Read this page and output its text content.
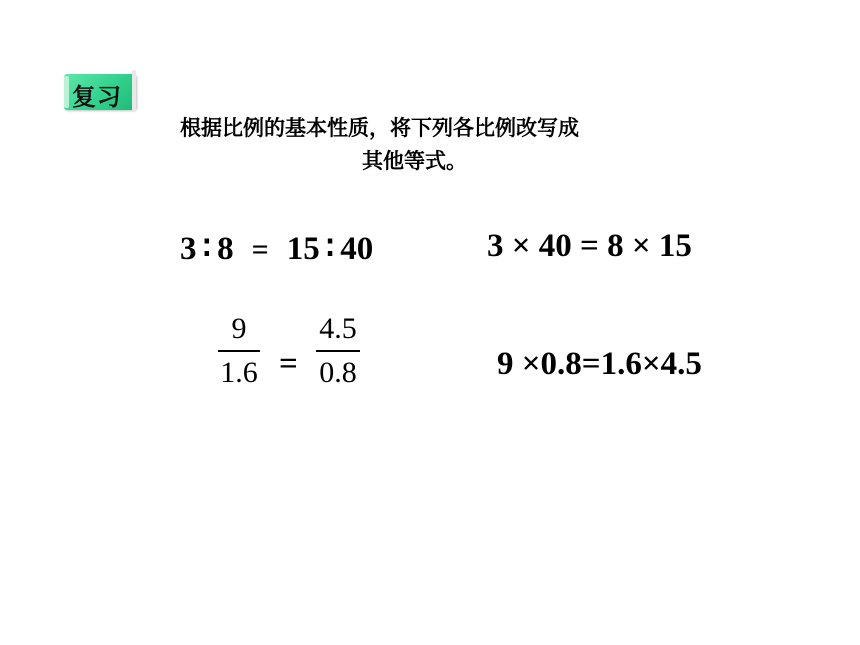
复习
根据比例的基本性质，将下列各比例改写成
其他等式。
3 ∶ 8 = 15 ∶ 40	3 × 40 = 8 × 15
9
1.6 =
4.5
0.8	9 ×0.8=1.6×4.5
